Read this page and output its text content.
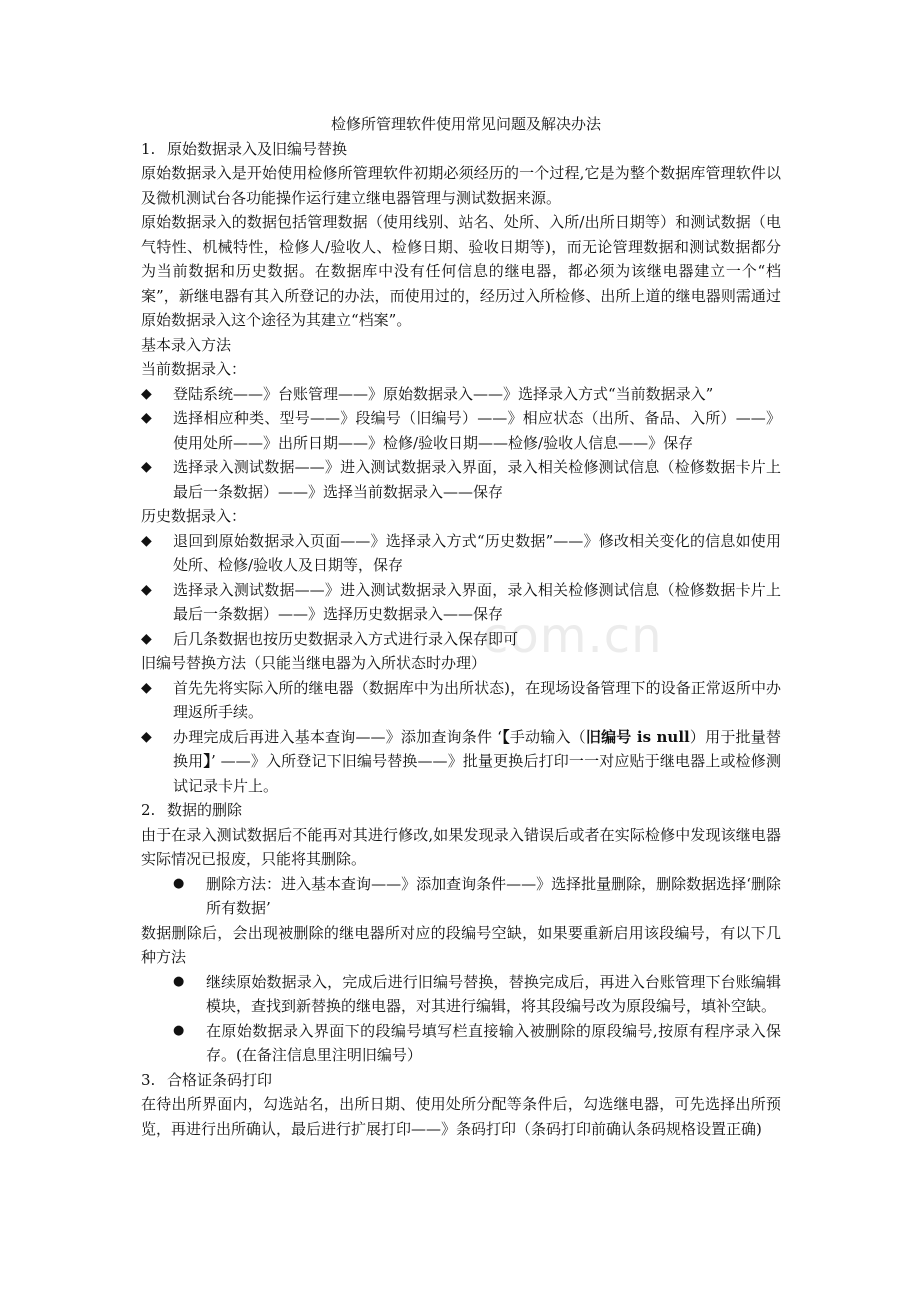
com.cn

检修所管理软件使用常见问题及解决办法

1. 原始数据录入及旧编号替换

原始数据录入是开始使用检修所管理软件初期必须经历的一个过程,它是为整个数据库管理软件以及微机测试台各功能操作运行建立继电器管理与测试数据来源。

原始数据录入的数据包括管理数据（使用线别、站名、处所、入所/出所日期等）和测试数据（电气特性、机械特性，检修人/验收人、检修日期、验收日期等)，而无论管理数据和测试数据都分为当前数据和历史数据。在数据库中没有任何信息的继电器，都必须为该继电器建立一个“档案”，新继电器有其入所登记的办法，而使用过的，经历过入所检修、出所上道的继电器则需通过原始数据录入这个途径为其建立“档案”。

基本录入方法

当前数据录入：

◆	登陆系统——》台账管理——》原始数据录入——》选择录入方式“当前数据录入”
◆	选择相应种类、型号——》段编号（旧编号）——》相应状态（出所、备品、入所）——》使用处所——》出所日期——》检修/验收日期——检修/验收人信息——》保存
◆	选择录入测试数据——》进入测试数据录入界面，录入相关检修测试信息（检修数据卡片上最后一条数据）——》选择当前数据录入——保存

历史数据录入：

◆	退回到原始数据录入页面——》选择录入方式“历史数据”——》修改相关变化的信息如使用处所、检修/验收人及日期等，保存
◆	选择录入测试数据——》进入测试数据录入界面，录入相关检修测试信息（检修数据卡片上最后一条数据）——》选择历史数据录入——保存
◆	后几条数据也按历史数据录入方式进行录入保存即可

旧编号替换方法（只能当继电器为入所状态时办理）

◆	首先先将实际入所的继电器（数据库中为出所状态)，在现场设备管理下的设备正常返所中办理返所手续。
◆	办理完成后再进入基本查询——》添加查询条件 ‘【手动输入（旧编号 is null）用于批量替换用】’ ——》入所登记下旧编号替换——》批量更换后打印一一对应贴于继电器上或检修测试记录卡片上。
2. 数据的删除

由于在录入测试数据后不能再对其进行修改,如果发现录入错误后或者在实际检修中发现该继电器实际情况已报废，只能将其删除。

●	删除方法：进入基本查询——》添加查询条件——》选择批量删除，删除数据选择‘删除所有数据’

数据删除后，会出现被删除的继电器所对应的段编号空缺，如果要重新启用该段编号，有以下几种方法

●	继续原始数据录入，完成后进行旧编号替换，替换完成后，再进入台账管理下台账编辑模块，查找到新替换的继电器，对其进行编辑，将其段编号改为原段编号，填补空缺。
●	在原始数据录入界面下的段编号填写栏直接输入被删除的原段编号,按原有程序录入保存。(在备注信息里注明旧编号）
3. 合格证条码打印

在待出所界面内，勾选站名，出所日期、使用处所分配等条件后，勾选继电器，可先选择出所预览，再进行出所确认，最后进行扩展打印——》条码打印（条码打印前确认条码规格设置正确)
